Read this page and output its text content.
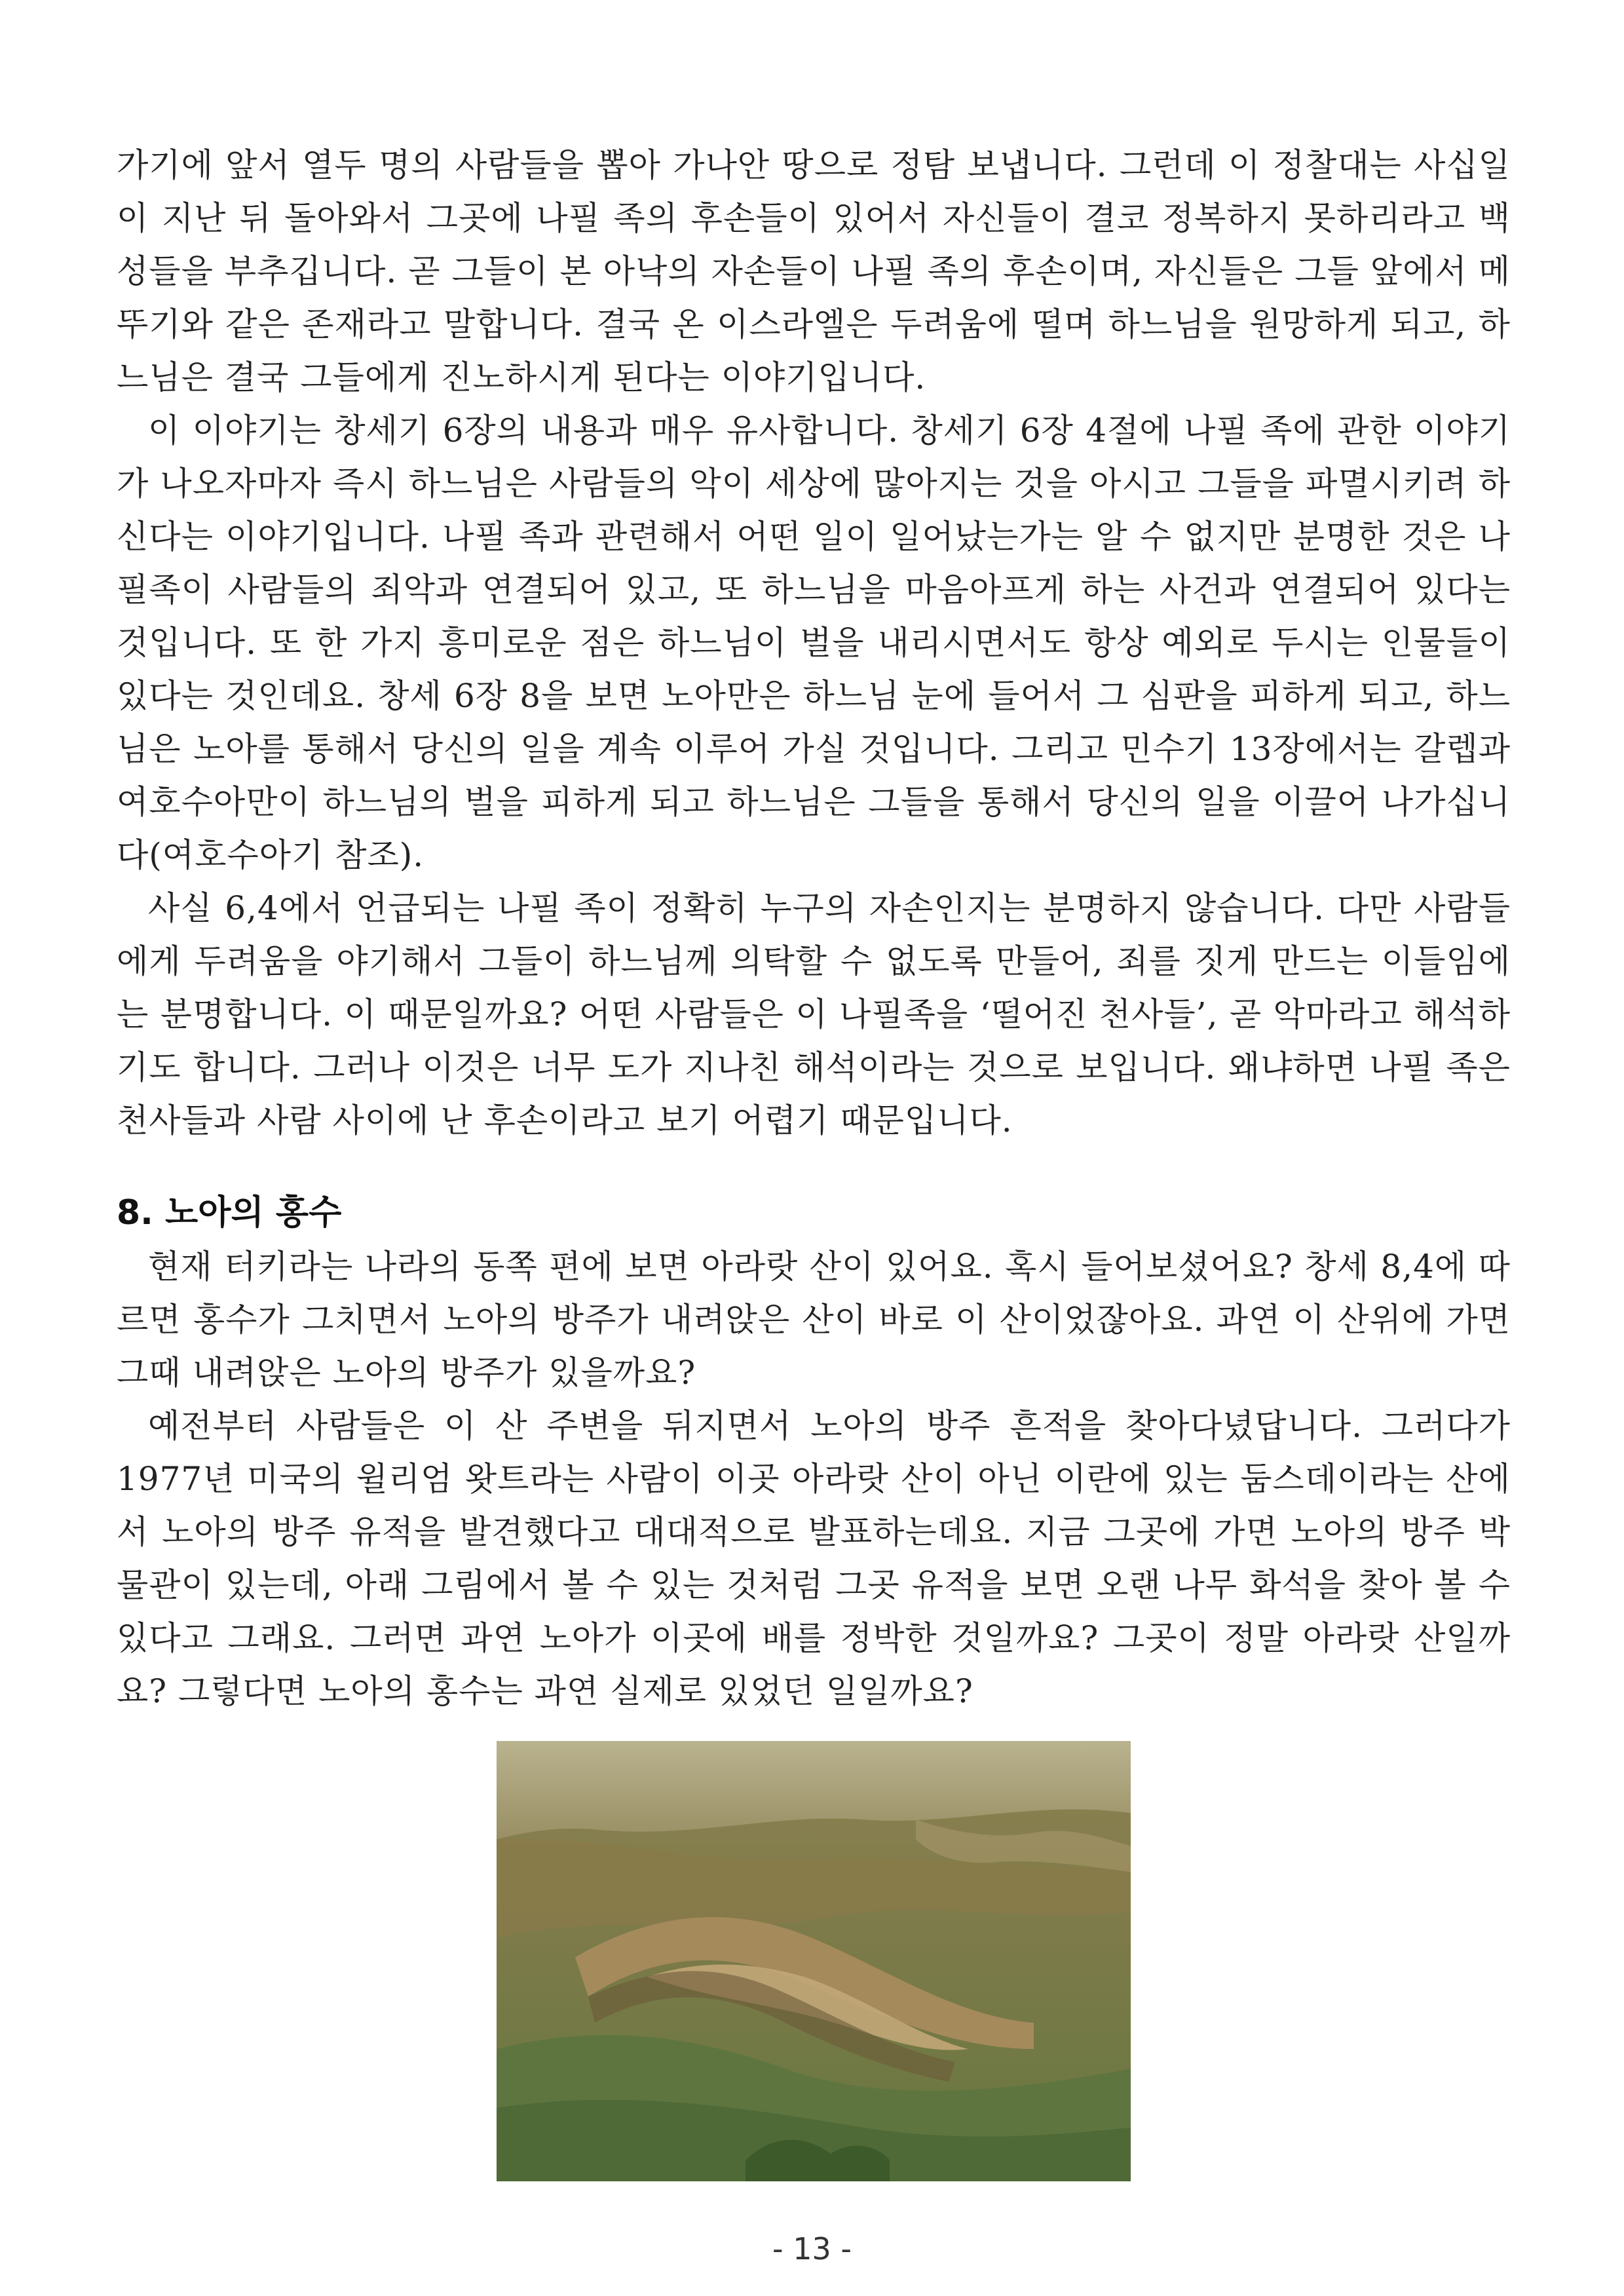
가기에 앞서 열두 명의 사람들을 뽑아 가나안 땅으로 정탐 보냅니다. 그런데 이 정찰대는 사십일이 지난 뒤 돌아와서 그곳에 나필 족의 후손들이 있어서 자신들이 결코 정복하지 못하리라고 백성들을 부추깁니다. 곧 그들이 본 아낙의 자손들이 나필 족의 후손이며, 자신들은 그들 앞에서 메뚜기와 같은 존재라고 말합니다. 결국 온 이스라엘은 두려움에 떨며 하느님을 원망하게 되고, 하느님은 결국 그들에게 진노하시게 된다는 이야기입니다.

이 이야기는 창세기 6장의 내용과 매우 유사합니다. 창세기 6장 4절에 나필 족에 관한 이야기가 나오자마자 즉시 하느님은 사람들의 악이 세상에 많아지는 것을 아시고 그들을 파멸시키려 하신다는 이야기입니다. 나필 족과 관련해서 어떤 일이 일어났는가는 알 수 없지만 분명한 것은 나필족이 사람들의 죄악과 연결되어 있고, 또 하느님을 마음아프게 하는 사건과 연결되어 있다는 것입니다. 또 한 가지 흥미로운 점은 하느님이 벌을 내리시면서도 항상 예외로 두시는 인물들이 있다는 것인데요. 창세 6장 8을 보면 노아만은 하느님 눈에 들어서 그 심판을 피하게 되고, 하느님은 노아를 통해서 당신의 일을 계속 이루어 가실 것입니다. 그리고 민수기 13장에서는 갈렙과 여호수아만이 하느님의 벌을 피하게 되고 하느님은 그들을 통해서 당신의 일을 이끌어 나가십니다(여호수아기 참조).

사실 6,4에서 언급되는 나필 족이 정확히 누구의 자손인지는 분명하지 않습니다. 다만 사람들에게 두려움을 야기해서 그들이 하느님께 의탁할 수 없도록 만들어, 죄를 짓게 만드는 이들임에는 분명합니다. 이 때문일까요? 어떤 사람들은 이 나필족을 ‘떨어진 천사들’, 곧 악마라고 해석하기도 합니다. 그러나 이것은 너무 도가 지나친 해석이라는 것으로 보입니다. 왜냐하면 나필 족은 천사들과 사람 사이에 난 후손이라고 보기 어렵기 때문입니다.

8. 노아의 홍수

현재 터키라는 나라의 동쪽 편에 보면 아라랏 산이 있어요. 혹시 들어보셨어요? 창세 8,4에 따르면 홍수가 그치면서 노아의 방주가 내려앉은 산이 바로 이 산이었잖아요. 과연 이 산위에 가면 그때 내려앉은 노아의 방주가 있을까요?

예전부터 사람들은 이 산 주변을 뒤지면서 노아의 방주 흔적을 찾아다녔답니다. 그러다가 1977년 미국의 윌리엄 왓트라는 사람이 이곳 아라랏 산이 아닌 이란에 있는 둠스데이라는 산에서 노아의 방주 유적을 발견했다고 대대적으로 발표하는데요. 지금 그곳에 가면 노아의 방주 박물관이 있는데, 아래 그림에서 볼 수 있는 것처럼 그곳 유적을 보면 오랜 나무 화석을 찾아 볼 수 있다고 그래요. 그러면 과연 노아가 이곳에 배를 정박한 것일까요? 그곳이 정말 아라랏 산일까요? 그렇다면 노아의 홍수는 과연 실제로 있었던 일일까요?

- 13 -
